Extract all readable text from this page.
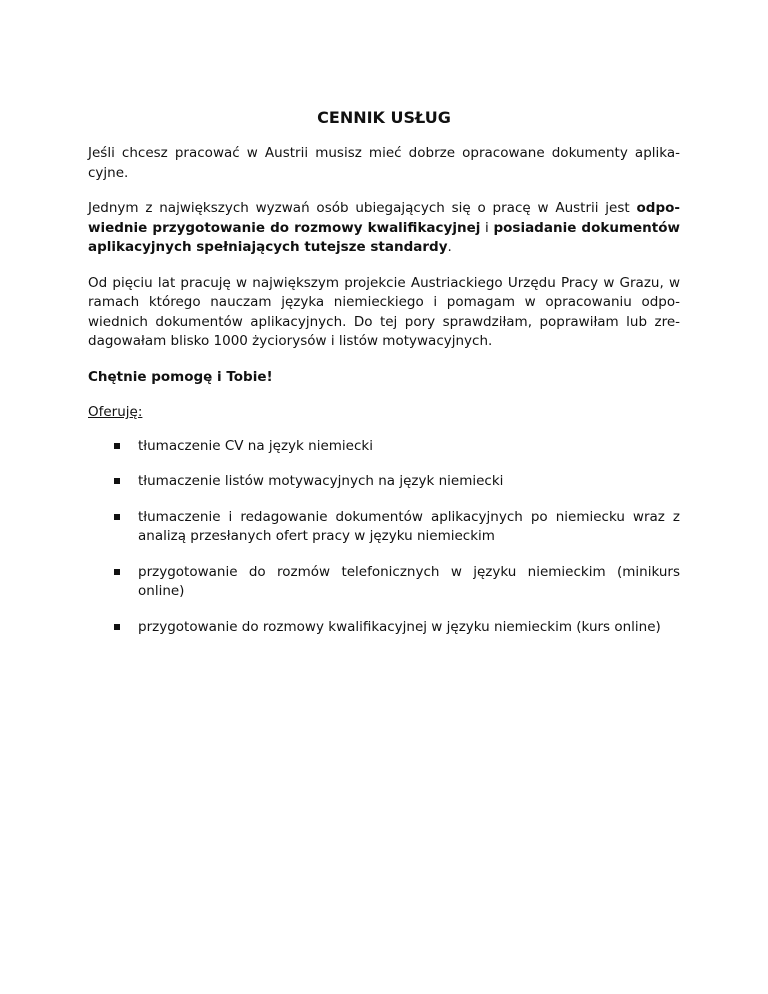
CENNIK USŁUG

Jeśli chcesz pracować w Austrii musisz mieć dobrze opracowane dokumenty aplikacyjne.

Jednym z największych wyzwań osób ubiegających się o pracę w Austrii jest odpowiednie przygotowanie do rozmowy kwalifikacyjnej i posiadanie dokumentów aplikacyjnych spełniających tutejsze standardy.

Od pięciu lat pracuję w największym projekcie Austriackiego Urzędu Pracy w Grazu, w ramach którego nauczam języka niemieckiego i pomagam w opracowaniu odpowiednich dokumentów aplikacyjnych. Do tej pory sprawdziłam, poprawiłam lub zredagowałam blisko 1000 życiorysów i listów motywacyjnych.

Chętnie pomogę i Tobie!

Oferuję:
tłumaczenie CV na język niemiecki
tłumaczenie listów motywacyjnych na język niemiecki
tłumaczenie i redagowanie dokumentów aplikacyjnych po niemiecku wraz z analizą przesłanych ofert pracy w języku niemieckim
przygotowanie do rozmów telefonicznych w języku niemieckim (minikurs online)
przygotowanie do rozmowy kwalifikacyjnej w języku niemieckim (kurs online)
